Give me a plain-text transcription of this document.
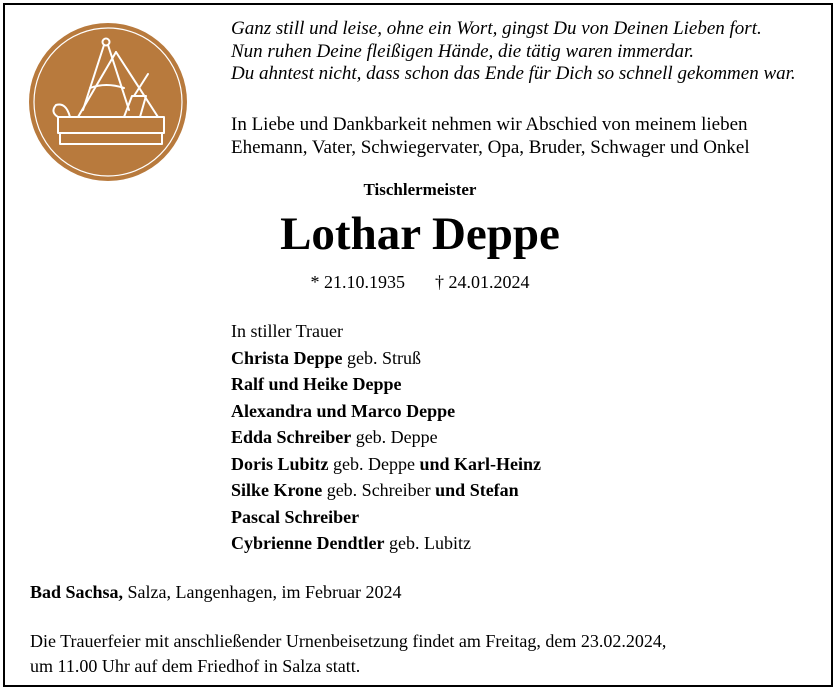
Ganz still und leise, ohne ein Wort, gingst Du von Deinen Lieben fort.
Nun ruhen Deine fleißigen Hände, die tätig waren immerdar.
Du ahntest nicht, dass schon das Ende für Dich so schnell gekommen war.
In Liebe und Dankbarkeit nehmen wir Abschied von meinem lieben
Ehemann, Vater, Schwiegervater, Opa, Bruder, Schwager und Onkel
Tischlermeister
Lothar Deppe
* 21.10.1935 † 24.01.2024
In stiller Trauer
Christa Deppe geb. Struß
Ralf und Heike Deppe
Alexandra und Marco Deppe
Edda Schreiber geb. Deppe
Doris Lubitz geb. Deppe und Karl-Heinz
Silke Krone geb. Schreiber und Stefan
Pascal Schreiber
Cybrienne Dendtler geb. Lubitz
Bad Sachsa, Salza, Langenhagen, im Februar 2024
Die Trauerfeier mit anschließender Urnenbeisetzung findet am Freitag, dem 23.02.2024,
um 11.00 Uhr auf dem Friedhof in Salza statt.
